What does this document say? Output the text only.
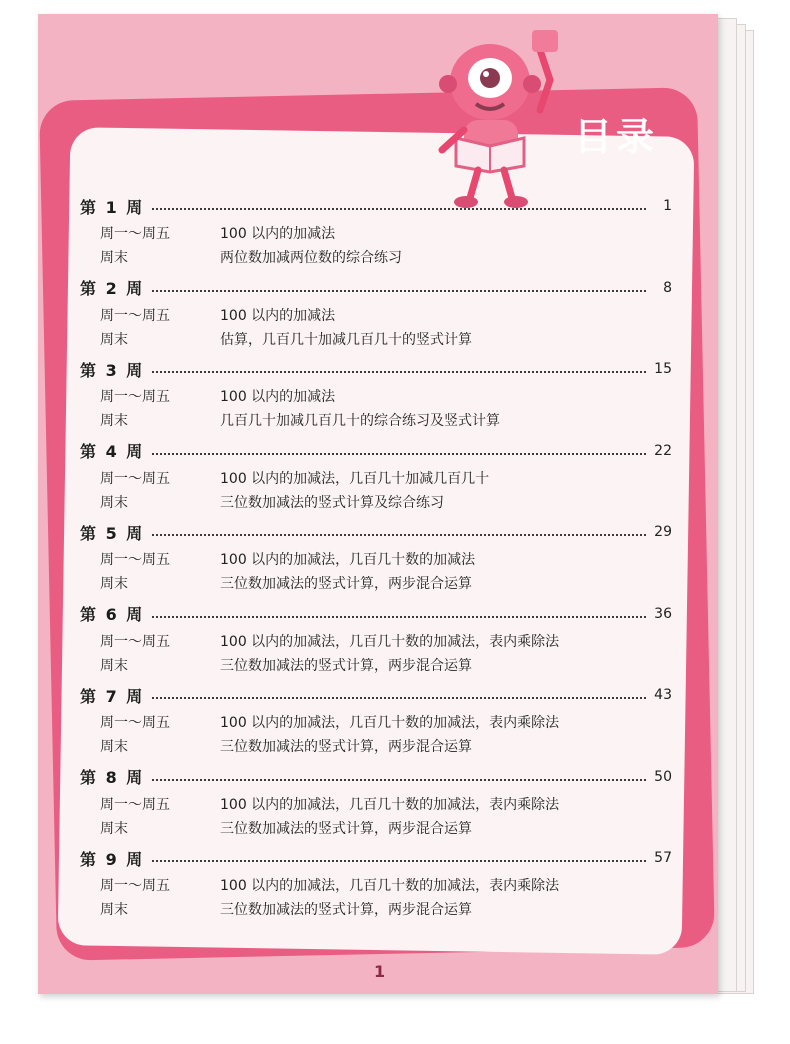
目录
第 1 周	1
周一～周五	100 以内的加减法
周末	两位数加减两位数的综合练习
第 2 周	8
周一～周五	100 以内的加减法
周末	估算，几百几十加减几百几十的竖式计算
第 3 周	15
周一～周五	100 以内的加减法
周末	几百几十加减几百几十的综合练习及竖式计算
第 4 周	22
周一～周五	100 以内的加减法，几百几十加减几百几十
周末	三位数加减法的竖式计算及综合练习
第 5 周	29
周一～周五	100 以内的加减法，几百几十数的加减法
周末	三位数加减法的竖式计算，两步混合运算
第 6 周	36
周一～周五	100 以内的加减法，几百几十数的加减法，表内乘除法
周末	三位数加减法的竖式计算，两步混合运算
第 7 周	43
周一～周五	100 以内的加减法，几百几十数的加减法，表内乘除法
周末	三位数加减法的竖式计算，两步混合运算
第 8 周	50
周一～周五	100 以内的加减法，几百几十数的加减法，表内乘除法
周末	三位数加减法的竖式计算，两步混合运算
第 9 周	57
周一～周五	100 以内的加减法，几百几十数的加减法，表内乘除法
周末	三位数加减法的竖式计算，两步混合运算
1
